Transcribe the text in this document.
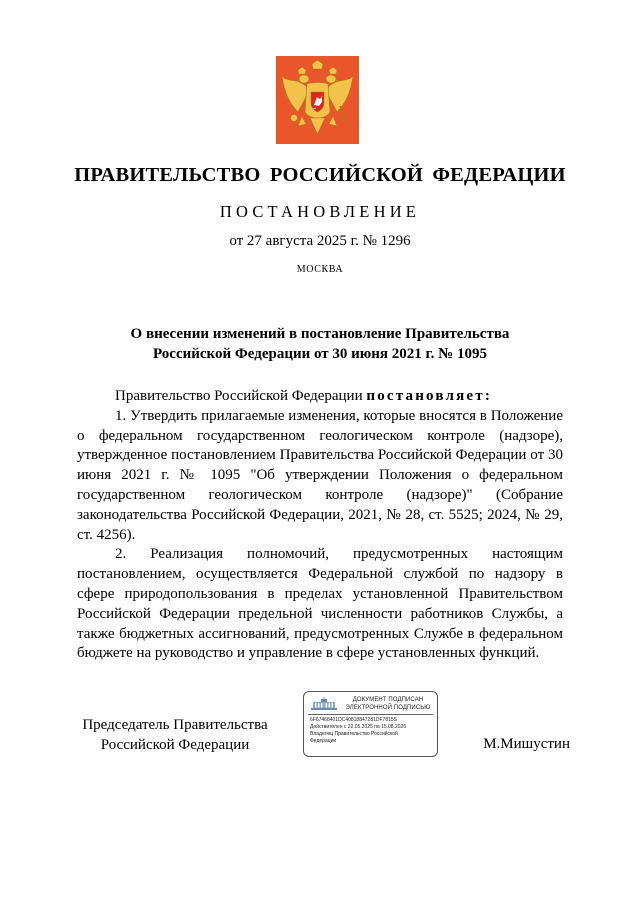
ПРАВИТЕЛЬСТВО РОССИЙСКОЙ ФЕДЕРАЦИИ
ПОСТАНОВЛЕНИЕ
от 27 августа 2025 г. № 1296
МОСКВА
О внесении изменений в постановление Правительства
Российской Федерации от 30 июня 2021 г. № 1095

Правительство Российской Федерации постановляет:

1. Утвердить прилагаемые изменения, которые вносятся в Положение о федеральном государственном геологическом контроле (надзоре), утвержденное постановлением Правительства Российской Федерации от 30 июня 2021 г. № 1095 "Об утверждении Положения о федеральном государственном геологическом контроле (надзоре)" (Собрание законодательства Российской Федерации, 2021, № 28, ст. 5525; 2024, № 29, ст. 4256).

2. Реализация полномочий, предусмотренных настоящим постановлением, осуществляется Федеральной службой по надзору в сфере природопользования в пределах установленной Правительством Российской Федерации предельной численности работников Службы, а также бюджетных ассигнований, предусмотренных Службе в федеральном бюджете на руководство и управление в сфере установленных функций.

Председатель Правительства
Российской Федерации
ДОКУМЕНТ ПОДПИСАН
ЭЛЕКТРОННОЙ ПОДПИСЬЮ
6F67468401DC40818847281DF7815S
Действителен с 22.05.2025 по 15.08.2026
Владелец Правительство Российской
Федерации	М.Мишустин
